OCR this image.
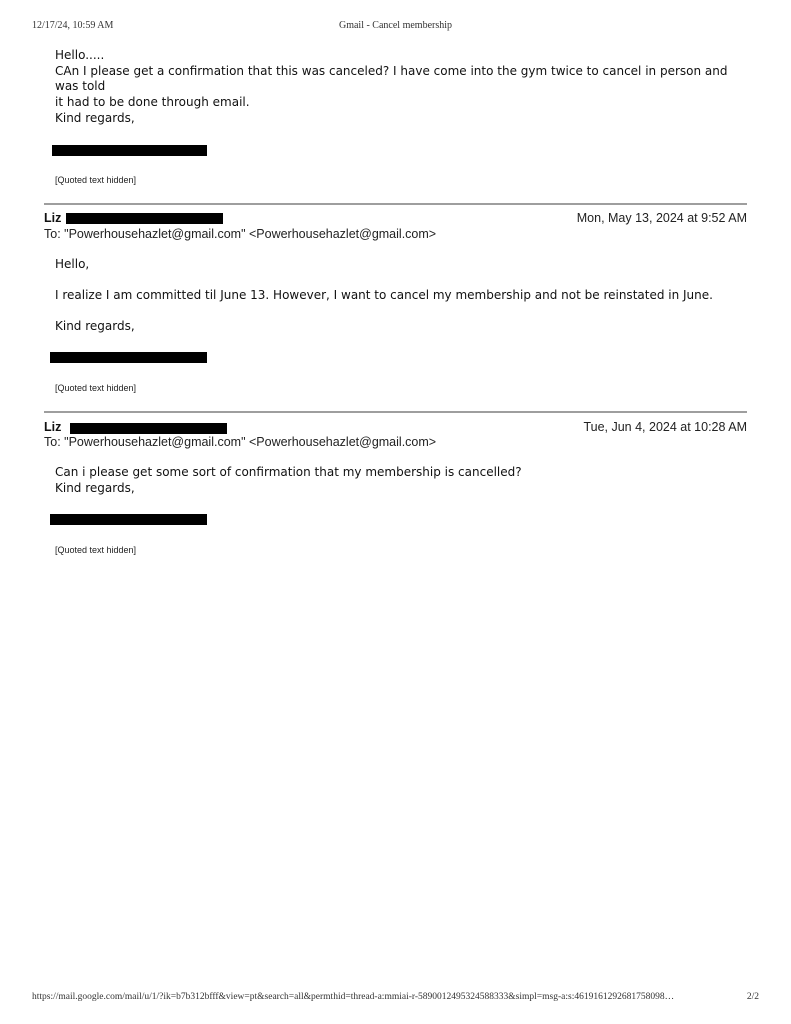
12/17/24, 10:59 AM	Gmail - Cancel membership

Hello.....

CAn I please get a confirmation that this was canceled? I have come into the gym twice to cancel in person and was told

it had to be done through email.

Kind regards,

[Quoted text hidden]
Liz	Mon, May 13, 2024 at 9:52 AM
To: "Powerhousehazlet@gmail.com" <Powerhousehazlet@gmail.com>

Hello,

I realize I am committed til June 13. However, I want to cancel my membership and not be reinstated in June.

Kind regards,

[Quoted text hidden]
Liz	Tue, Jun 4, 2024 at 10:28 AM
To: "Powerhousehazlet@gmail.com" <Powerhousehazlet@gmail.com>

Can i please get some sort of confirmation that my membership is cancelled?

Kind regards,

[Quoted text hidden]
https://mail.google.com/mail/u/1/?ik=b7b312bfff&view=pt&search=all&permthid=thread-a:mmiai-r-5890012495324588333&simpl=msg-a:s:4619161292681758098…	2/2
